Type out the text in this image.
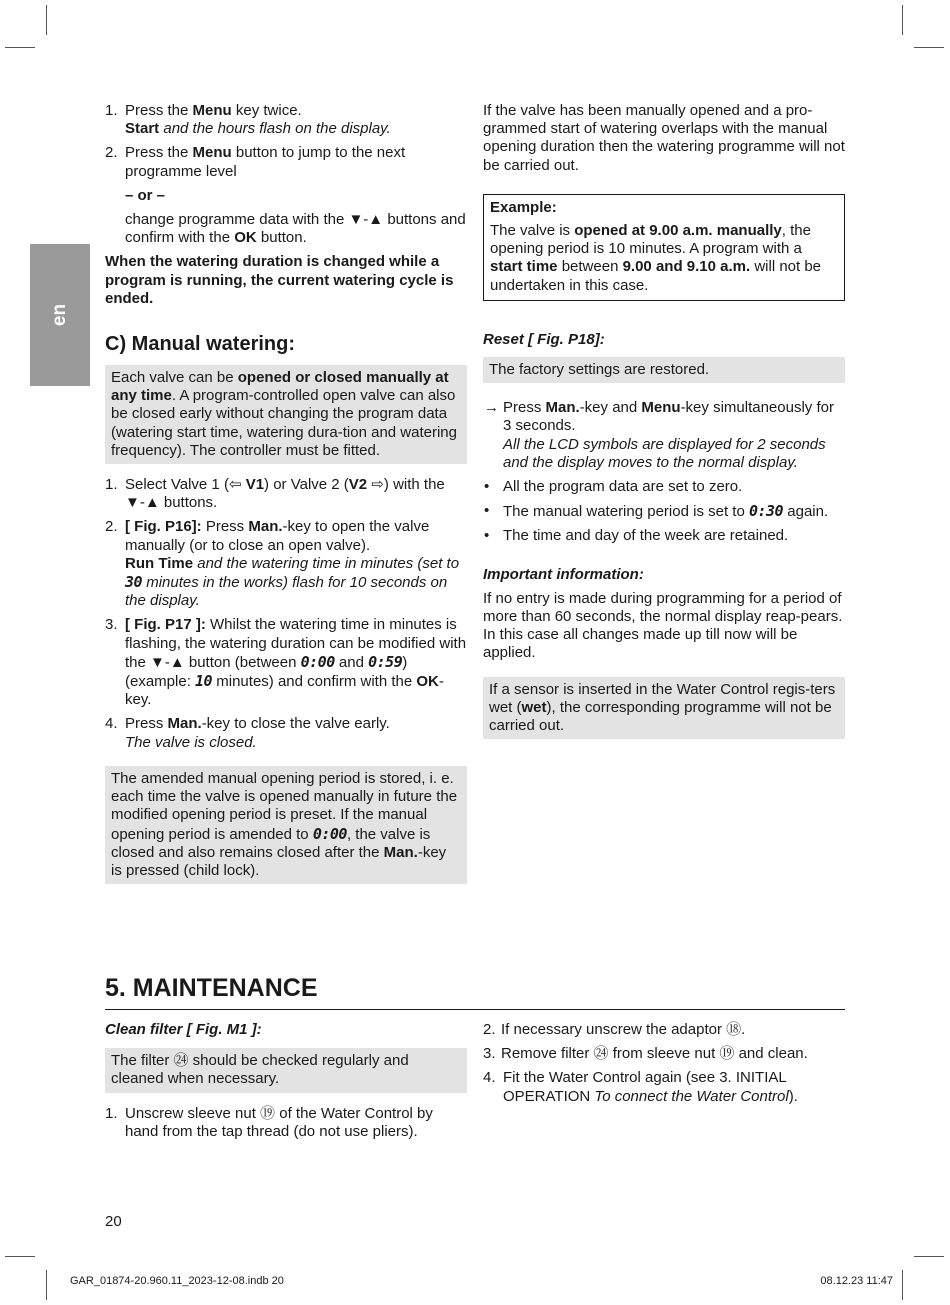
en
1. Press the Menu key twice.
Start and the hours flash on the display.
2. Press the Menu button to jump to the next programme level
– or –
change programme data with the ▼-▲ buttons and confirm with the OK button.

When the watering duration is changed while a program is running, the current watering cycle is ended.

C) Manual watering:
Each valve can be opened or closed manually at any time. A program-controlled open valve can also be closed early without changing the program data (watering start time, watering dura-tion and watering frequency). The controller must be fitted.
1. Select Valve 1 (⇦ V1) or Valve 2 (V2 ⇨) with the ▼-▲ buttons.
2. [ Fig. P16]: Press Man.-key to open the valve manually (or to close an open valve).
Run Time and the watering time in minutes (set to 30 minutes in the works) flash for 10 seconds on the display.
3. [ Fig. P17 ]: Whilst the watering time in minutes is flashing, the watering duration can be modified with the ▼-▲ button (between 0:00 and 0:59) (example: 10 minutes) and confirm with the OK-key.
4. Press Man.-key to close the valve early.
The valve is closed.
The amended manual opening period is stored, i. e. each time the valve is opened manually in future the modified opening period is preset. If the manual opening period is amended to 0:00, the valve is closed and also remains closed after the Man.-key is pressed (child lock).

If the valve has been manually opened and a pro-grammed start of watering overlaps with the manual opening duration then the watering programme will not be carried out.

Example:
The valve is opened at 9.00 a.m. manually, the opening period is 10 minutes. A program with a start time between 9.00 and 9.10 a.m. will not be undertaken in this case.
Reset [ Fig. P18]:
The factory settings are restored.
→ Press Man.-key and Menu-key simultaneously for 3 seconds.
All the LCD symbols are displayed for 2 seconds and the display moves to the normal display.
• All the program data are set to zero.
• The manual watering period is set to 0:30 again.
• The time and day of the week are retained.
Important information:

If no entry is made during programming for a period of more than 60 seconds, the normal display reap-pears. In this case all changes made up till now will be applied.

If a sensor is inserted in the Water Control regis-ters wet (wet), the corresponding programme will not be carried out.
5. MAINTENANCE
Clean filter [ Fig. M1 ]:
The filter ㉔ should be checked regularly and cleaned when necessary.
1. Unscrew sleeve nut ⑲ of the Water Control by hand from the tap thread (do not use pliers).
2. If necessary unscrew the adaptor ⑱.
3. Remove filter ㉔ from sleeve nut ⑲ and clean.
4. Fit the Water Control again (see 3. INITIAL OPERATION To connect the Water Control).
20
GAR_01874-20.960.11_2023-12-08.indb 20	08.12.23 11:47
